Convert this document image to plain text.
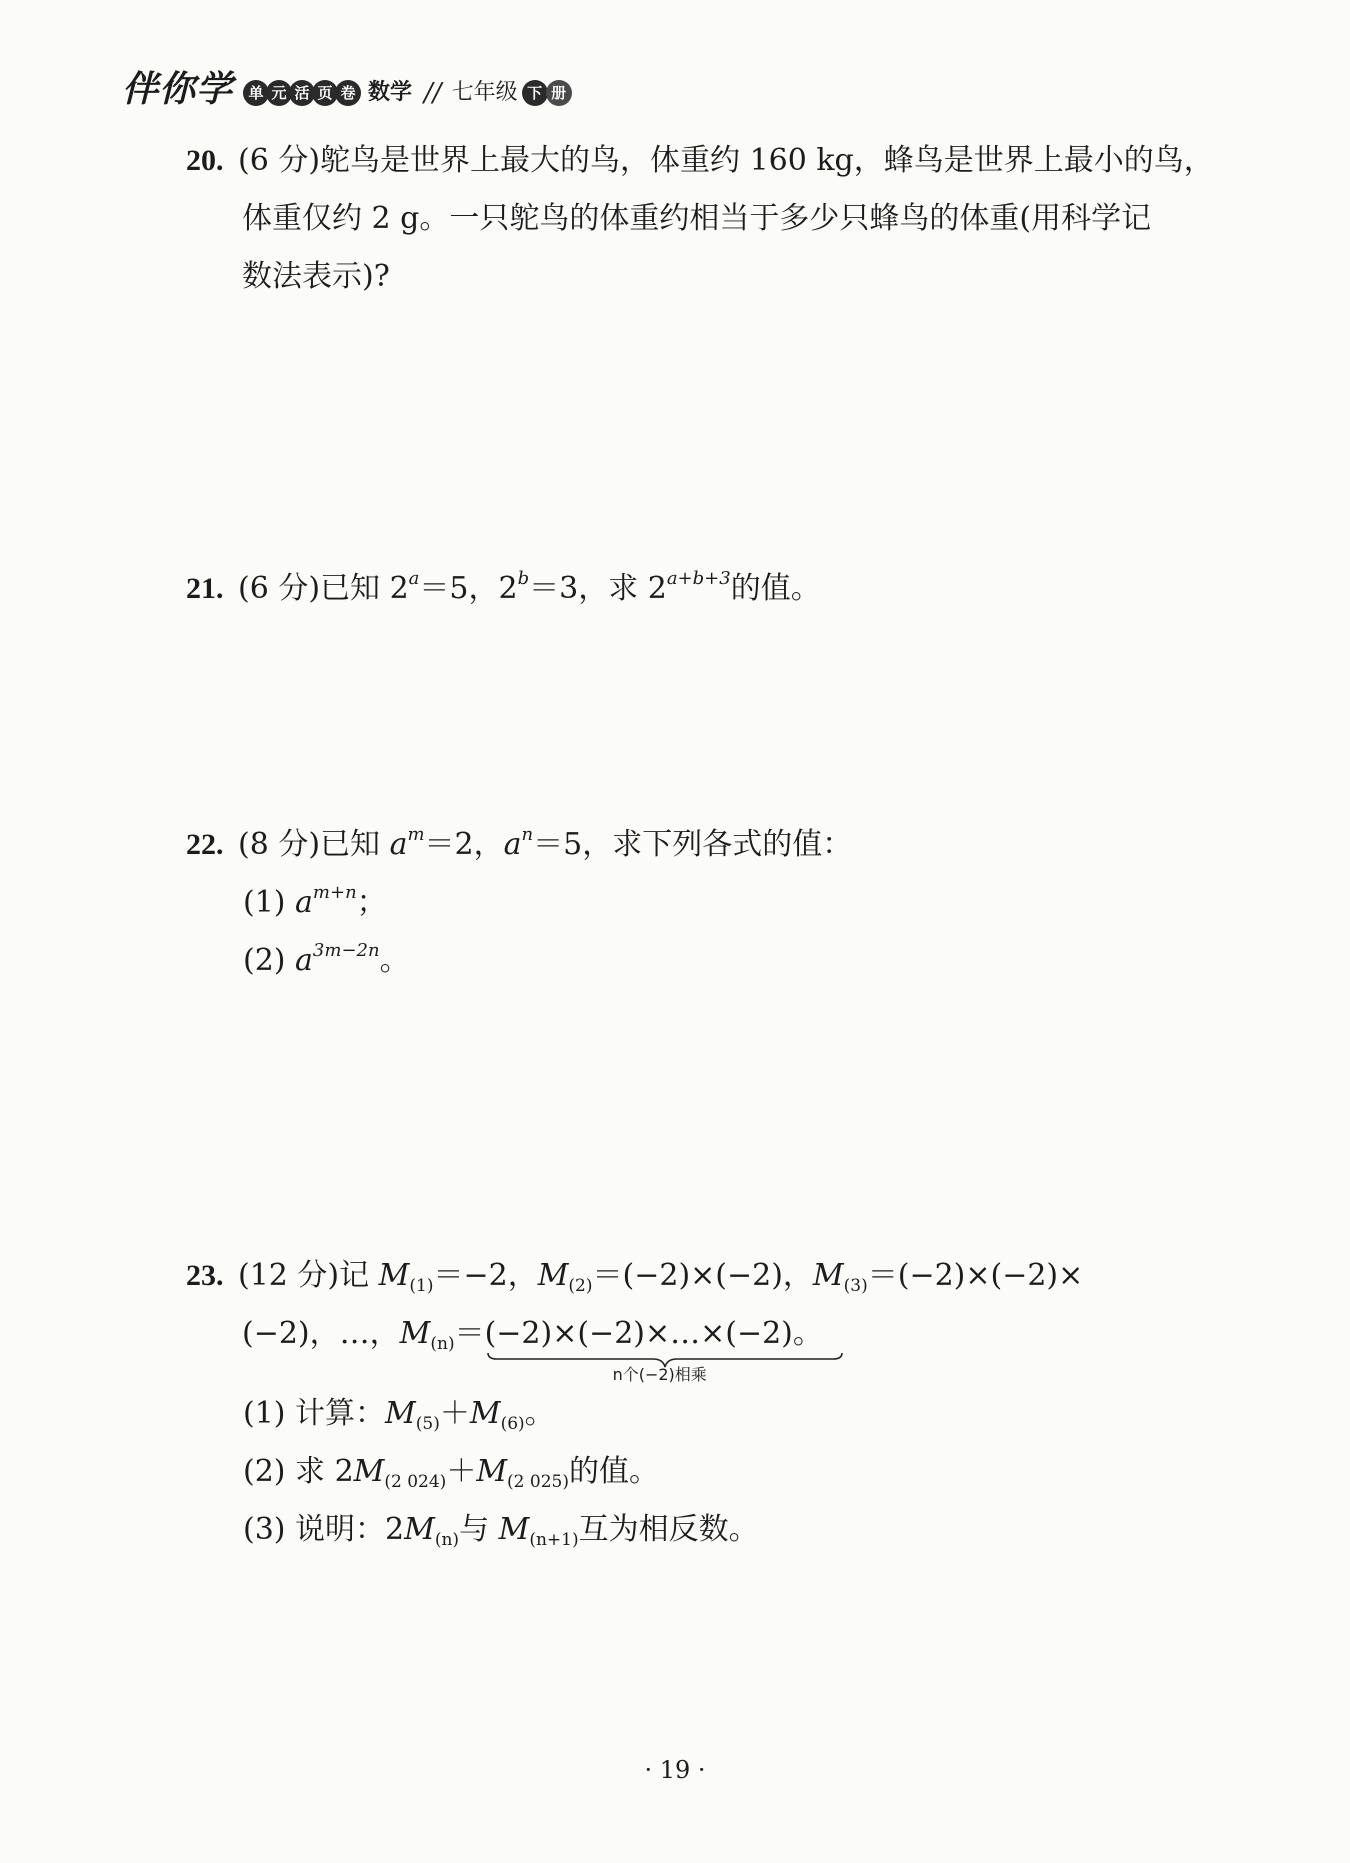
伴你学	单 元 活 页 卷 数学 // 七年级 下 册
20. (6 分)鸵鸟是世界上最大的鸟，体重约 160 kg，蜂鸟是世界上最小的鸟，
体重仅约 2 g。一只鸵鸟的体重约相当于多少只蜂鸟的体重(用科学记
数法表示)?
21. (6 分)已知 $2^a=5$，$2^b=3$，求 $2^{a+b+3}$的值。
22. (8 分)已知 $a^m=2$，$a^n=5$，求下列各式的值：
(1) $a^{m+n}$；
(2) $a^{3m-2n}$。
23. (12 分)记 $M_{(1)}=-2$，$M_{(2)}=(-2)\times(-2)$，$M_{(3)}=(-2)\times(-2)\times$
(−2)，…，$M_{(n)}=(-2)\times(-2)\times\dots\times(-2)$
n个(−2)相乘
。
(1) 计算：$M_{(5)}+M_{(6)}$。
(2) 求 $2M_{(2 024)}+M_{(2 025)}$的值。
(3) 说明：$2M_{(n)}$与 $M_{(n+1)}$互为相反数。
· 19 ·
